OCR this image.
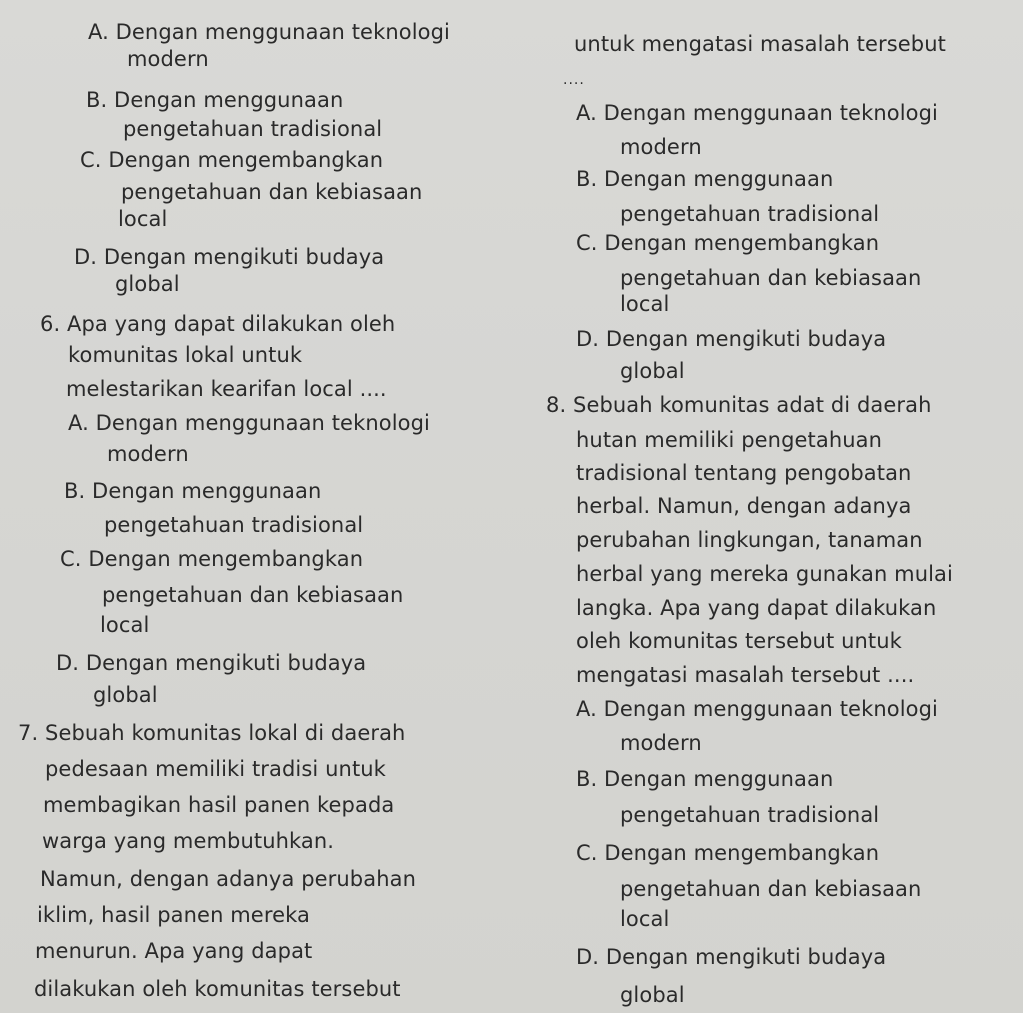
A. Dengan menggunaan teknologi
modern
B. Dengan menggunaan
pengetahuan tradisional
C. Dengan mengembangkan
pengetahuan dan kebiasaan
local
D. Dengan mengikuti budaya
global
6. Apa yang dapat dilakukan oleh
komunitas lokal untuk
melestarikan kearifan local ....
A. Dengan menggunaan teknologi
modern
B. Dengan menggunaan
pengetahuan tradisional
C. Dengan mengembangkan
pengetahuan dan kebiasaan
local
D. Dengan mengikuti budaya
global
7. Sebuah komunitas lokal di daerah
pedesaan memiliki tradisi untuk
membagikan hasil panen kepada
warga yang membutuhkan.
Namun, dengan adanya perubahan
iklim, hasil panen mereka
menurun. Apa yang dapat
dilakukan oleh komunitas tersebut
untuk mengatasi masalah tersebut
....
A. Dengan menggunaan teknologi
modern
B. Dengan menggunaan
pengetahuan tradisional
C. Dengan mengembangkan
pengetahuan dan kebiasaan
local
D. Dengan mengikuti budaya
global
8. Sebuah komunitas adat di daerah
hutan memiliki pengetahuan
tradisional tentang pengobatan
herbal. Namun, dengan adanya
perubahan lingkungan, tanaman
herbal yang mereka gunakan mulai
langka. Apa yang dapat dilakukan
oleh komunitas tersebut untuk
mengatasi masalah tersebut ....
A. Dengan menggunaan teknologi
modern
B. Dengan menggunaan
pengetahuan tradisional
C. Dengan mengembangkan
pengetahuan dan kebiasaan
local
D. Dengan mengikuti budaya
global
